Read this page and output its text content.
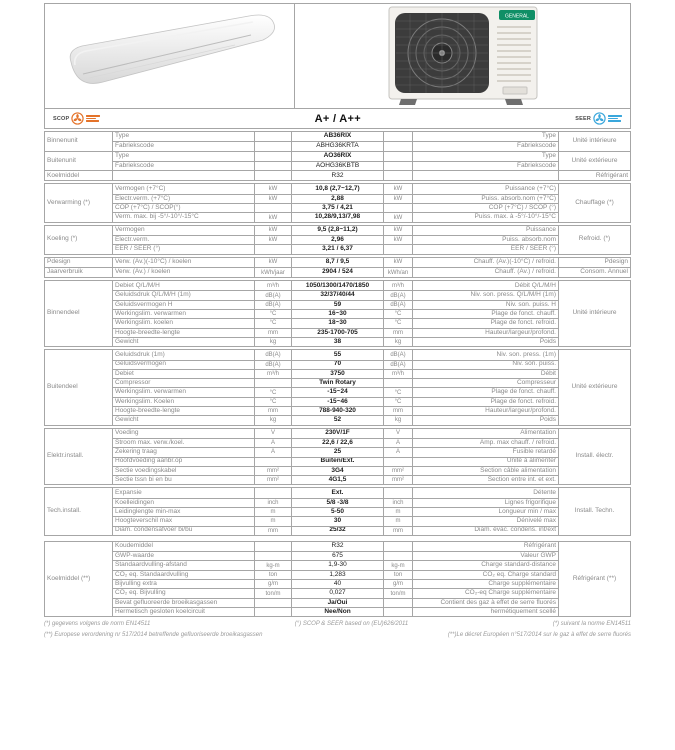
GENERAL
SCOP	A+ / A++	SEER
Binnenunit
Type	AB36RIX	Type
Fabriekscode	ABHG36KRTA	Fabriekscode
Unité intérieure
Buitenunit
Type	AO36RIX	Type
Fabriekscode	AOHG36KBTB	Fabriekscode
Unité extérieure
Koelmiddel	R32	Réfrigérant
Verwarming (*)
Vermogen (+7°C)	kW	10,8 (2,7~12,7)	kW	Puissance (+7°C)
Electr.verm. (+7°C)	kW	2,88	kW	Puiss. absorb.nom (+7°C)
COP (+7°C) / SCOP(°)	3,75 / 4,21	COP (+7°C) / SCOP (°)
Verm. max. bij -5°/-10°/-15°C	kW	10,28/9,13/7,98	kW	Puiss. max. à -5°/-10°/-15°C
Chauffage (*)
Koeling (*)
Vermogen	kW	9,5 (2,8~11,2)	kW	Puissance
Electr.verm.	kW	2,96	kW	Puiss. absorb.nom
EER / SEER (°)	3,21 / 6,37	EER / SEER (°)
Refroid. (*)
Pdesign	Verw. (Av.)(-10°C) / koelen	kW	8,7 / 9,5	kW	Chauff. (Av.)(-10°C) / refroid.	Pdesign
Jaarverbruik	Verw. (Av.) / koelen	kWh/jaar	2904 / 524	kWh/an	Chauff. (Av.) / refroid.	Consom. Annuel
Binnendeel
Debiet Q/L/M/H	m³/h	1050/1300/1470/1850	m³/h	Débit Q/L/M/H
Geluidsdruk Q/L/M/H (1m)	dB(A)	32/37/40/44	dB(A)	Niv. son. press. Q/L/M/H (1m)
Geluidsvermogen H	dB(A)	59	dB(A)	Niv. son. puiss. H
Werkingslim. verwarmen	°C	16~30	°C	Plage de fonct. chauff.
Werkingslim. koelen	°C	18~30	°C	Plage de fonct. refroid.
Hoogte-breedte-lengte	mm	235-1700-705	mm	Hauteur/largeur/profond.
Gewicht	kg	38	kg	Poids
Unité intérieure
Buitendeel
Geluidsdruk (1m)	dB(A)	55	dB(A)	Niv. son. press. (1m)
Geluidsvermogen	dB(A)	70	dB(A)	Niv. son. puiss.
Debiet	m³/h	3750	m³/h	Débit
Compressor	Twin Rotary	Compresseur
Werkingslim. verwarmen	°C	-15~24	°C	Plage de fonct. chauff.
Werkingslim. Koelen	°C	-15~46	°C	Plage de fonct. refroid.
Hoogte-breedte-lengte	mm	788-940-320	mm	Hauteur/largeur/profond.
Gewicht	kg	52	kg	Poids
Unité extérieure
Elektr.install.
Voeding	V	230V/1F	V	Alimentation
Stroom max. verw./koel.	A	22,6 / 22,6	A	Amp. max chauff. / refroid.
Zekering traag	A	25	A	Fusible retardé
Hoofdvoeding aanbr.op	Buiten/Ext.	Unité à alimenter
Sectie voedingskabel	mm²	3G4	mm²	Section câble alimentation
Sectie tssn bi en bu	mm²	4G1,5	mm²	Section entre int. et ext.
Install. électr.
Tech.install.
Expansie	Ext.	Détente
Koelleidingen	inch	5/8 -3/8	inch	Lignes frigorifique
Leidinglengte min-max	m	5-50	m	Longueur min / max
Hoogteverschil max	m	30	m	Dénivelé max
Diam. condensafvoer bi/bu	mm	25/32	mm	Diam. évac. condens. int/ext
Install. Techn.
Koelmiddel (**)
Koudemiddel	R32	Réfrigérant
GWP-waarde	675	Valeur GWP
Standaardvulling-afstand	kg-m	1,9-30	kg-m	Charge standard-distance
CO₂ eq. Standaardvulling	ton	1,283	ton	CO₂ eq. Charge standard
Bijvulling extra	g/m	40	g/m	Charge supplémentaire
CO₂ eq. Bijvulling	ton/m	0,027	ton/m	CO₂-eq Charge supplémentaire
Bevat gefluoreerde broeikasgassen	Ja/Oui	Contient des gaz à effet de serre fluorés
Hermetisch gesloten koelcircuit	Nee/Non	hermétiquement scellé
Réfrigérant (**)
(*) gegevens volgens de norm EN14511	(°) SCOP & SEER based on (EU)626/2011	(*) suivant la norme EN14511
(**) Europese verordening nr 517/2014 betreffende gefluoriseerde broeikasgassen	(**)Le décret Européen n°517/2014 sur le gaz à effet de serre fluorés
